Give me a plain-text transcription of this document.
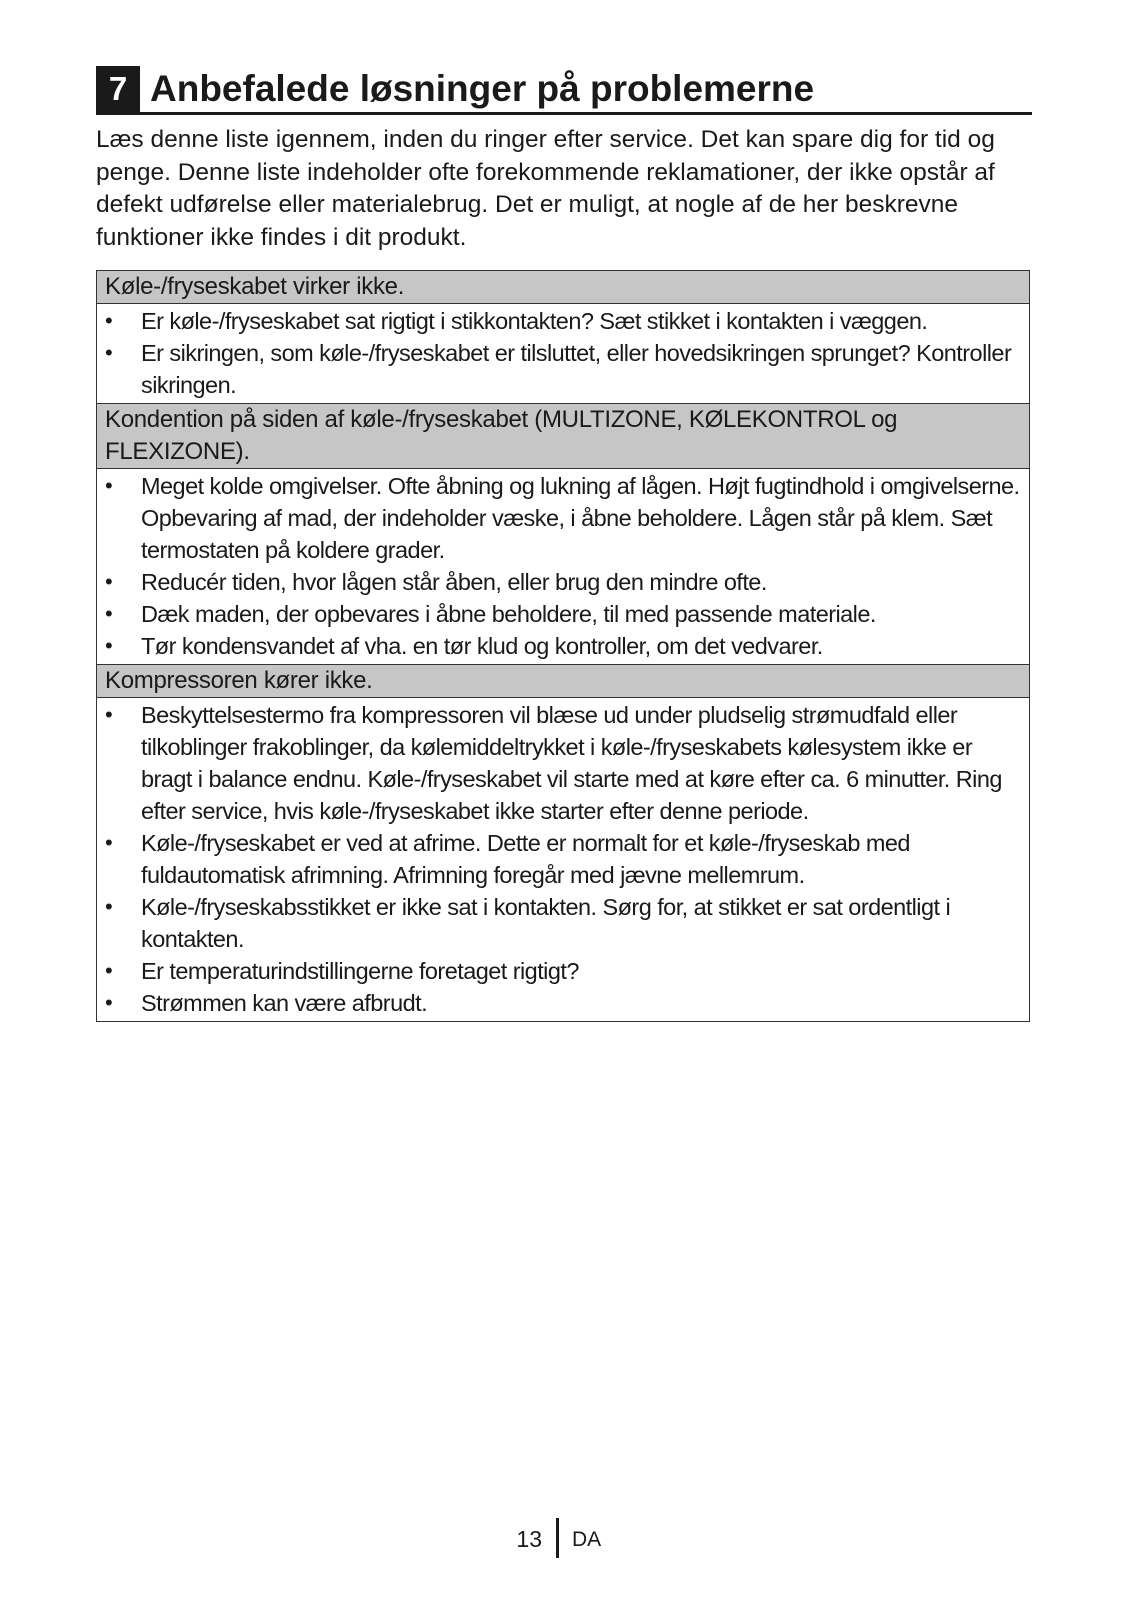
7 Anbefalede løsninger på problemerne

Læs denne liste igennem, inden du ringer efter service. Det kan spare dig for tid og penge. Denne liste indeholder ofte forekommende reklamationer, der ikke opstår af defekt udførelse eller materialebrug. Det er muligt, at nogle af de her beskrevne funktioner ikke findes i dit produkt.

Køle-/fryseskabet virker ikke.

•	Er køle-/fryseskabet sat rigtigt i stikkontakten? Sæt stikket i kontakten i væggen.
•	Er sikringen, som køle-/fryseskabet er tilsluttet, eller hovedsikringen sprunget? Kontroller sikringen.

Kondention på siden af køle-/fryseskabet (MULTIZONE, KØLEKONTROL og FLEXIZONE).

•	Meget kolde omgivelser. Ofte åbning og lukning af lågen. Højt fugtindhold i omgivelserne. Opbevaring af mad, der indeholder væske, i åbne beholdere. Lågen står på klem. Sæt termostaten på koldere grader.
•	Reducér tiden, hvor lågen står åben, eller brug den mindre ofte.
•	Dæk maden, der opbevares i åbne beholdere, til med passende materiale.
•	Tør kondensvandet af vha. en tør klud og kontroller, om det vedvarer.

Kompressoren kører ikke.

•	Beskyttelsestermo fra kompressoren vil blæse ud under pludselig strømudfald eller tilkoblinger frakoblinger, da kølemiddeltrykket i køle-/fryseskabets kølesystem ikke er bragt i balance endnu. Køle-/fryseskabet vil starte med at køre efter ca. 6 minutter. Ring efter service, hvis køle-/fryseskabet ikke starter efter denne periode.
•	Køle-/fryseskabet er ved at afrime. Dette er normalt for et køle-/fryseskab med fuldautomatisk afrimning. Afrimning foregår med jævne mellemrum.
•	Køle-/fryseskabsstikket er ikke sat i kontakten. Sørg for, at stikket er sat ordentligt i kontakten.
•	Er temperaturindstillingerne foretaget rigtigt?
•	Strømmen kan være afbrudt.
13 DA
